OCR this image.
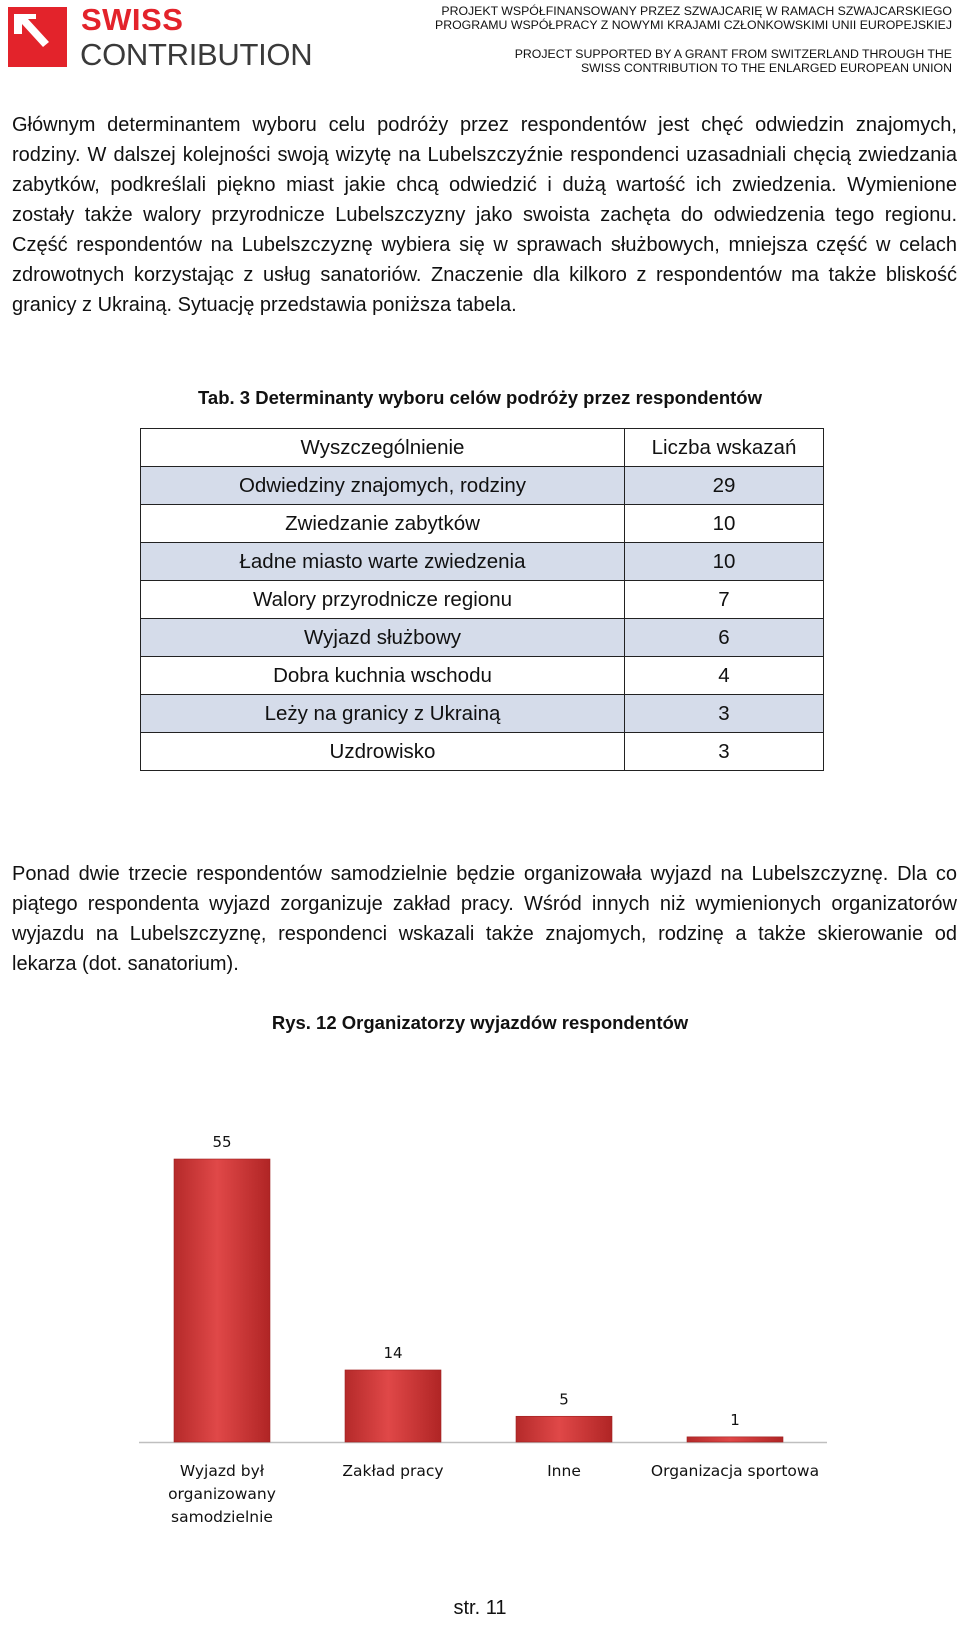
SWISS
CONTRIBUTION
PROJEKT WSPÓŁFINANSOWANY PRZEZ SZWAJCARIĘ W RAMACH SZWAJCARSKIEGO
PROGRAMU WSPÓŁPRACY Z NOWYMI KRAJAMI CZŁONKOWSKIMI UNII EUROPEJSKIEJ
PROJECT SUPPORTED BY A GRANT FROM SWITZERLAND THROUGH THE
SWISS CONTRIBUTION TO THE ENLARGED EUROPEAN UNION

Głównym determinantem wyboru celu podróży przez respondentów jest chęć odwiedzin znajomych, rodziny. W dalszej kolejności swoją wizytę na Lubelszczyźnie respondenci uzasadniali chęcią zwiedzania zabytków, podkreślali piękno miast jakie chcą odwiedzić i dużą wartość ich zwiedzenia. Wymienione zostały także walory przyrodnicze Lubelszczyzny jako swoista zachęta do odwiedzenia tego regionu. Część respondentów na Lubelszczyznę wybiera się w sprawach służbowych, mniejsza część w celach zdrowotnych korzystając z usług sanatoriów. Znaczenie dla kilkoro z respondentów ma także bliskość granicy z Ukrainą. Sytuację przedstawia poniższa tabela.

Tab. 3 Determinanty wyboru celów podróży przez respondentów
Wyszczególnienie	Liczba wskazań
Odwiedziny znajomych, rodziny	29
Zwiedzanie zabytków	10
Ładne miasto warte zwiedzenia	10
Walory przyrodnicze regionu	7
Wyjazd służbowy	6
Dobra kuchnia wschodu	4
Leży na granicy z Ukrainą	3
Uzdrowisko	3

Ponad dwie trzecie respondentów samodzielnie będzie organizowała wyjazd na Lubelszczyznę. Dla co piątego respondenta wyjazd zorganizuje zakład pracy. Wśród innych niż wymienionych organizatorów wyjazdu na Lubelszczyznę, respondenci wskazali także znajomych, rodzinę a także skierowanie od lekarza (dot. sanatorium).

Rys. 12 Organizatorzy wyjazdów respondentów
55
Wyjazd był
organizowany
samodzielnie
14
Zakład pracy
5
Inne
1
Organizacja sportowa
str. 11
